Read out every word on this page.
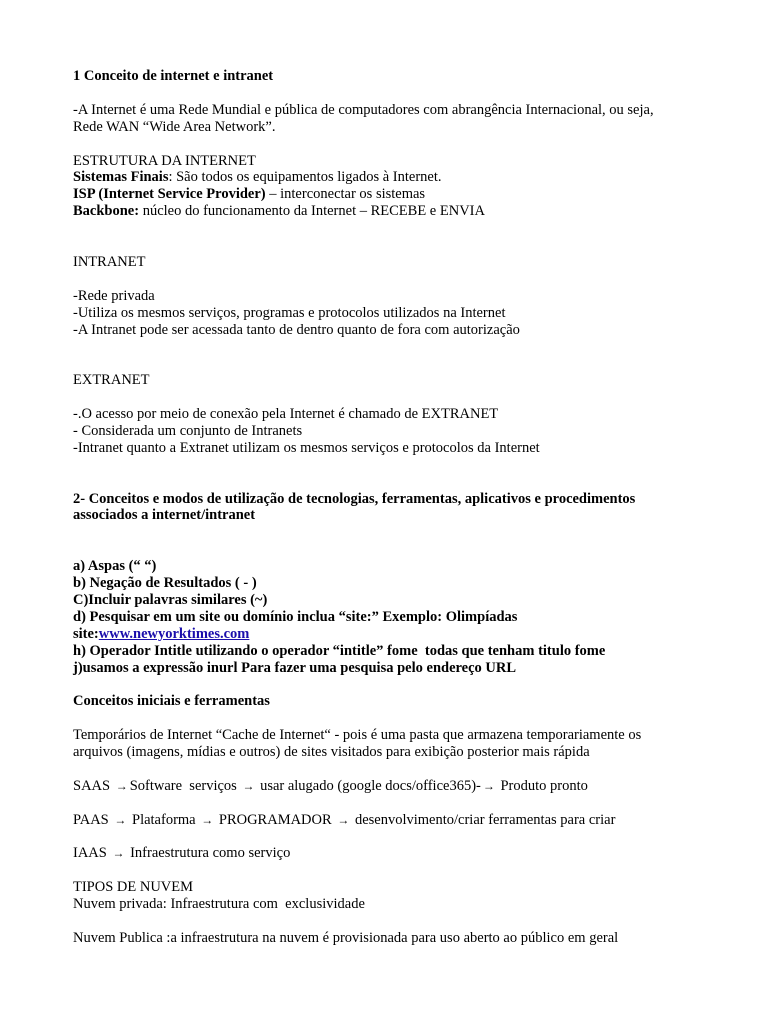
1 Conceito de internet e intranet
-A Internet é uma Rede Mundial e pública de computadores com abrangência Internacional, ou seja,
Rede WAN “Wide Area Network”.
ESTRUTURA DA INTERNET
Sistemas Finais: São todos os equipamentos ligados à Internet.
ISP (Internet Service Provider) – interconectar os sistemas
Backbone: núcleo do funcionamento da Internet – RECEBE e ENVIA
INTRANET
-Rede privada
-Utiliza os mesmos serviços, programas e protocolos utilizados na Internet
-A Intranet pode ser acessada tanto de dentro quanto de fora com autorização
EXTRANET
-.O acesso por meio de conexão pela Internet é chamado de EXTRANET
- Considerada um conjunto de Intranets
-Intranet quanto a Extranet utilizam os mesmos serviços e protocolos da Internet
2- Conceitos e modos de utilização de tecnologias, ferramentas, aplicativos e procedimentos
associados a internet/intranet
a) Aspas (“ “)
b) Negação de Resultados ( - )
C)Incluir palavras similares (~)
d) Pesquisar em um site ou domínio inclua “site:” Exemplo: Olimpíadas
site:www.newyorktimes.com
h) Operador Intitle utilizando o operador “intitle” fome  todas que tenham titulo fome
j)usamos a expressão inurl Para fazer uma pesquisa pelo endereço URL
Conceitos iniciais e ferramentas
Temporários de Internet “Cache de Internet“ - pois é uma pasta que armazena temporariamente os
arquivos (imagens, mídias e outros) de sites visitados para exibição posterior mais rápida
SAAS → Software  serviços → usar alugado (google docs/office365)- → Produto pronto
PAAS → Plataforma → PROGRAMADOR → desenvolvimento/criar ferramentas para criar
IAAS → Infraestrutura como serviço
TIPOS DE NUVEM
Nuvem privada: Infraestrutura com  exclusividade
Nuvem Publica :a infraestrutura na nuvem é provisionada para uso aberto ao público em geral
